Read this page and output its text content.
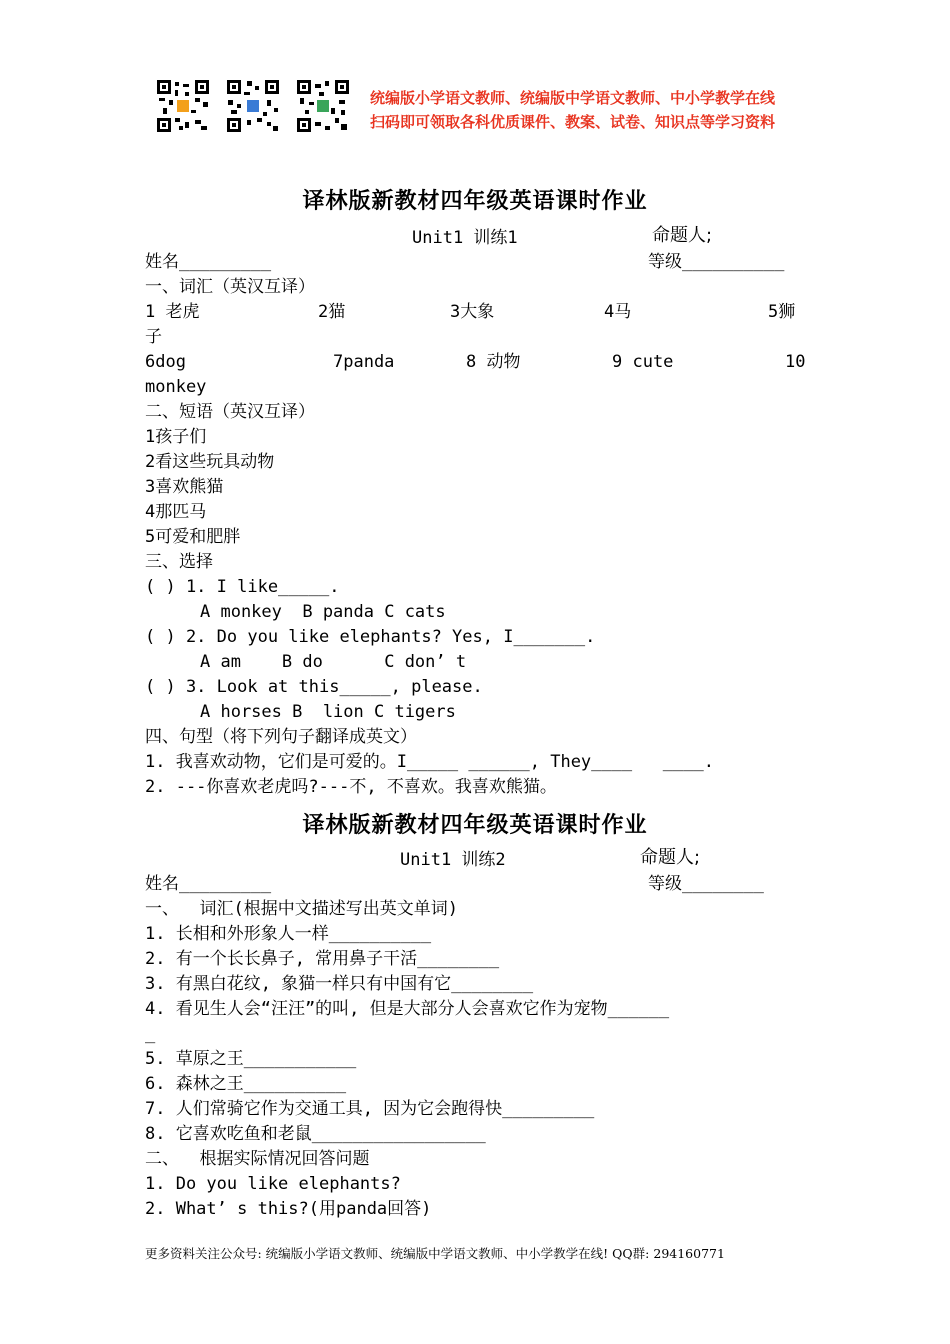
统编版小学语文教师、统编版中学语文教师、中小学教学在线
扫码即可领取各科优质课件、教案、试卷、知识点等学习资料
译林版新教材四年级英语课时作业
Unit1 训练1	命题人;
姓名_________	等级__________
一、词汇（英汉互译）
1 老虎	2猫	3大象	4马	5狮
子
6dog	7panda	8 动物	9 cute	10
monkey
二、短语（英汉互译）
1孩子们
2看这些玩具动物
3喜欢熊猫
4那匹马
5可爱和肥胖
三、选择
( ) 1. I like_____.
A monkey  B panda C cats
( ) 2. Do you like elephants? Yes, I_______.
A am    B do      C don’ t
( ) 3. Look at this_____, please.
A horses B  lion C tigers
四、句型（将下列句子翻译成英文）
1. 我喜欢动物，它们是可爱的。I_____ ______, They____   ____.
2. ---你喜欢老虎吗?---不, 不喜欢。我喜欢熊猫。
译林版新教材四年级英语课时作业
Unit1 训练2	命题人;
姓名_________	等级________
一、  词汇(根据中文描述写出英文单词)
1. 长相和外形象人一样__________
2. 有一个长长鼻子, 常用鼻子干活________
3. 有黑白花纹, 象猫一样只有中国有它________
4. 看见生人会“汪汪”的叫, 但是大部分人会喜欢它作为宠物______
_
5. 草原之王___________
6. 森林之王__________
7. 人们常骑它作为交通工具, 因为它会跑得快_________
8. 它喜欢吃鱼和老鼠_________________
二、  根据实际情况回答问题
1. Do you like elephants?
2. What’ s this?(用panda回答)
更多资料关注公众号: 统编版小学语文教师、统编版中学语文教师、中小学教学在线! QQ群: 294160771
